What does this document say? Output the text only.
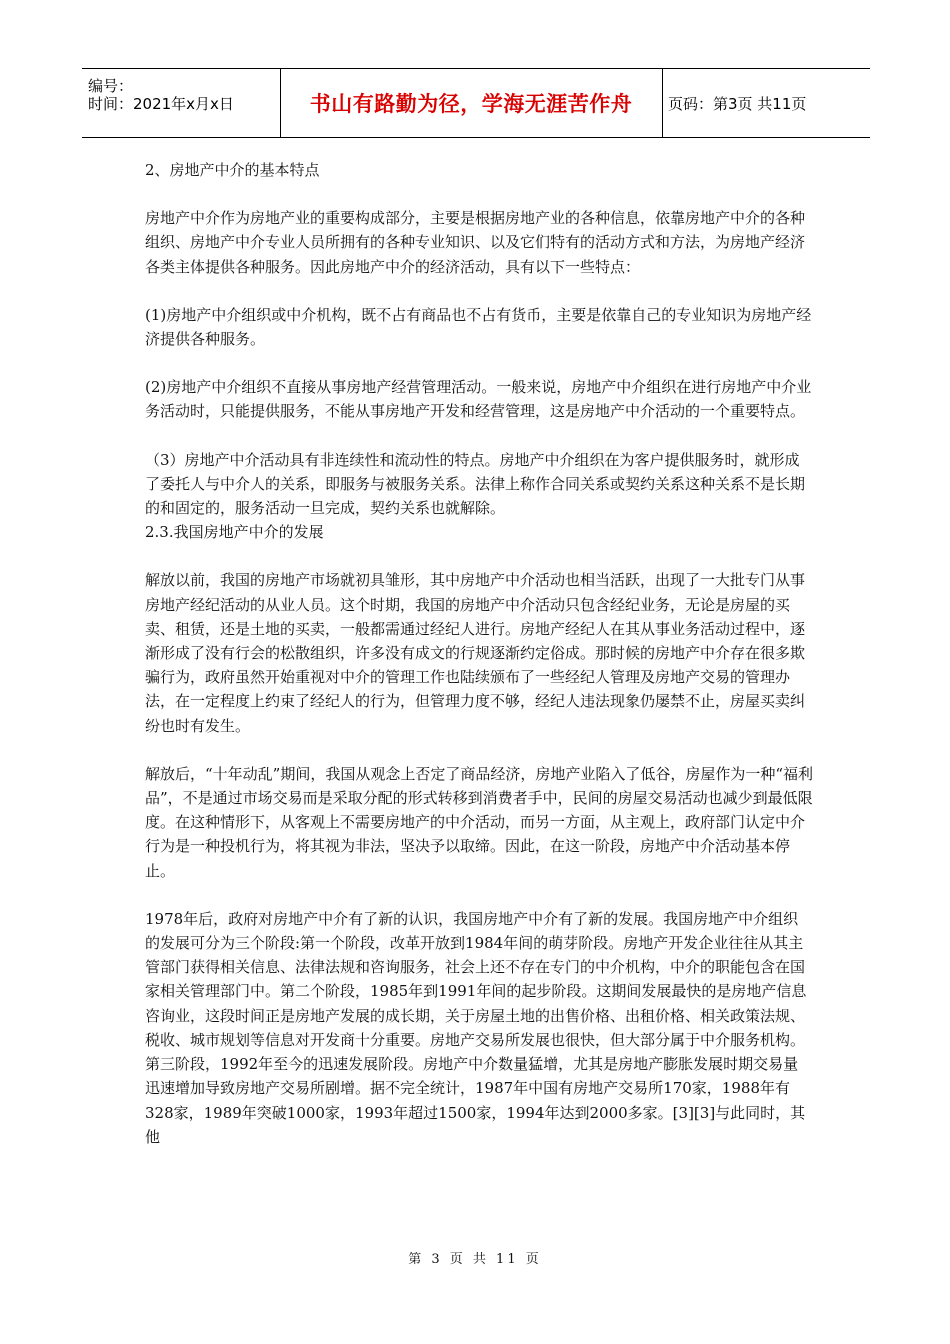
编号：
时间：2021年x月x日	书山有路勤为径，学海无涯苦作舟	页码：第3页 共11页

2、房地产中介的基本特点

房地产中介作为房地产业的重要构成部分，主要是根据房地产业的各种信息，依靠房地产中介的各种组织、房地产中介专业人员所拥有的各种专业知识、以及它们特有的活动方式和方法，为房地产经济各类主体提供各种服务。因此房地产中介的经济活动，具有以下一些特点：

(1)房地产中介组织或中介机构，既不占有商品也不占有货币，主要是依靠自己的专业知识为房地产经济提供各种服务。

(2)房地产中介组织不直接从事房地产经营管理活动。一般来说，房地产中介组织在进行房地产中介业务活动时，只能提供服务，不能从事房地产开发和经营管理，这是房地产中介活动的一个重要特点。

（3）房地产中介活动具有非连续性和流动性的特点。房地产中介组织在为客户提供服务时，就形成了委托人与中介人的关系，即服务与被服务关系。法律上称作合同关系或契约关系这种关系不是长期的和固定的，服务活动一旦完成，契约关系也就解除。

2.3.我国房地产中介的发展

解放以前，我国的房地产市场就初具雏形，其中房地产中介活动也相当活跃，出现了一大批专门从事房地产经纪活动的从业人员。这个时期，我国的房地产中介活动只包含经纪业务，无论是房屋的买卖、租赁，还是土地的买卖，一般都需通过经纪人进行。房地产经纪人在其从事业务活动过程中，逐渐形成了没有行会的松散组织，许多没有成文的行规逐渐约定俗成。那时候的房地产中介存在很多欺骗行为，政府虽然开始重视对中介的管理工作也陆续颁布了一些经纪人管理及房地产交易的管理办法，在一定程度上约束了经纪人的行为，但管理力度不够，经纪人违法现象仍屡禁不止，房屋买卖纠纷也时有发生。

解放后，“十年动乱”期间，我国从观念上否定了商品经济，房地产业陷入了低谷，房屋作为一种“福利品”，不是通过市场交易而是采取分配的形式转移到消费者手中，民间的房屋交易活动也减少到最低限度。在这种情形下，从客观上不需要房地产的中介活动，而另一方面，从主观上，政府部门认定中介行为是一种投机行为，将其视为非法，坚决予以取缔。因此，在这一阶段，房地产中介活动基本停止。

1978年后，政府对房地产中介有了新的认识，我国房地产中介有了新的发展。我国房地产中介组织的发展可分为三个阶段:第一个阶段，改革开放到1984年间的萌芽阶段。房地产开发企业往往从其主管部门获得相关信息、法律法规和咨询服务，社会上还不存在专门的中介机构，中介的职能包含在国家相关管理部门中。第二个阶段，1985年到1991年间的起步阶段。这期间发展最快的是房地产信息咨询业，这段时间正是房地产发展的成长期，关于房屋土地的出售价格、出租价格、相关政策法规、税收、城市规划等信息对开发商十分重要。房地产交易所发展也很快，但大部分属于中介服务机构。第三阶段，1992年至今的迅速发展阶段。房地产中介数量猛增，尤其是房地产膨胀发展时期交易量迅速增加导致房地产交易所剧增。据不完全统计，1987年中国有房地产交易所170家，1988年有328家，1989年突破1000家，1993年超过1500家，1994年达到2000多家。[3][3]与此同时，其他

第 3 页 共 11 页
